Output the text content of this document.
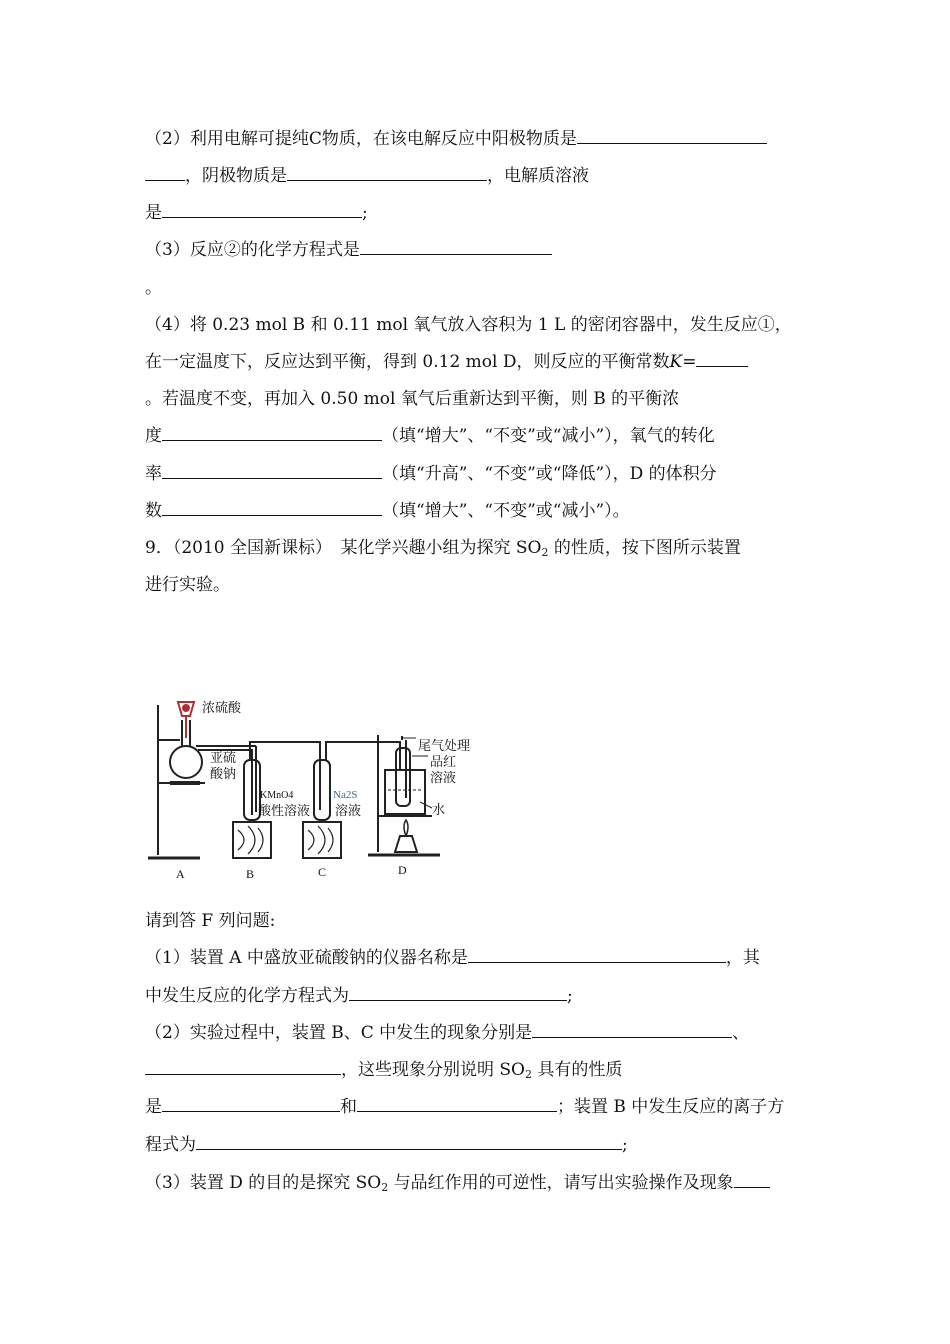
（2）利用电解可提纯C物质，在该电解反应中阳极物质是
，阴极物质是	，电解质溶液
是	;
（3）反应②的化学方程式是
。
（4）将 0.23 mol B 和 0.11 mol 氧气放入容积为 1 L 的密闭容器中，发生反应①，
在一定温度下，反应达到平衡，得到 0.12 mol D，则反应的平衡常数K=
。若温度不变，再加入 0.50 mol 氧气后重新达到平衡，则 B 的平衡浓
度	（填“增大”、“不变”或“减小”），氧气的转化
率	（填“升高”、“不变”或“降低”），D 的体积分
数	（填“增大”、“不变”或“减小”）。
9．（2010 全国新课标）　某化学兴趣小组为探究 $SO_2$ 的性质，按下图所示装置
进行实验。
浓硫酸
亚硫
酸钠
KMnO4
酸性溶液
Na2S
溶液
尾气处理
品红
溶液
水
A	B	C	D
请到答 F 列问题:
（1）装置 A 中盛放亚硫酸钠的仪器名称是	，其
中发生反应的化学方程式为	;
（2）实验过程中，装置 B、C 中发生的现象分别是	、
，这些现象分别说明 $SO_2$ 具有的性质
是	和	；装置 B 中发生反应的离子方
程式为	;
（3）装置 D 的目的是探究 $SO_2$ 与品红作用的可逆性，请写出实验操作及现象
